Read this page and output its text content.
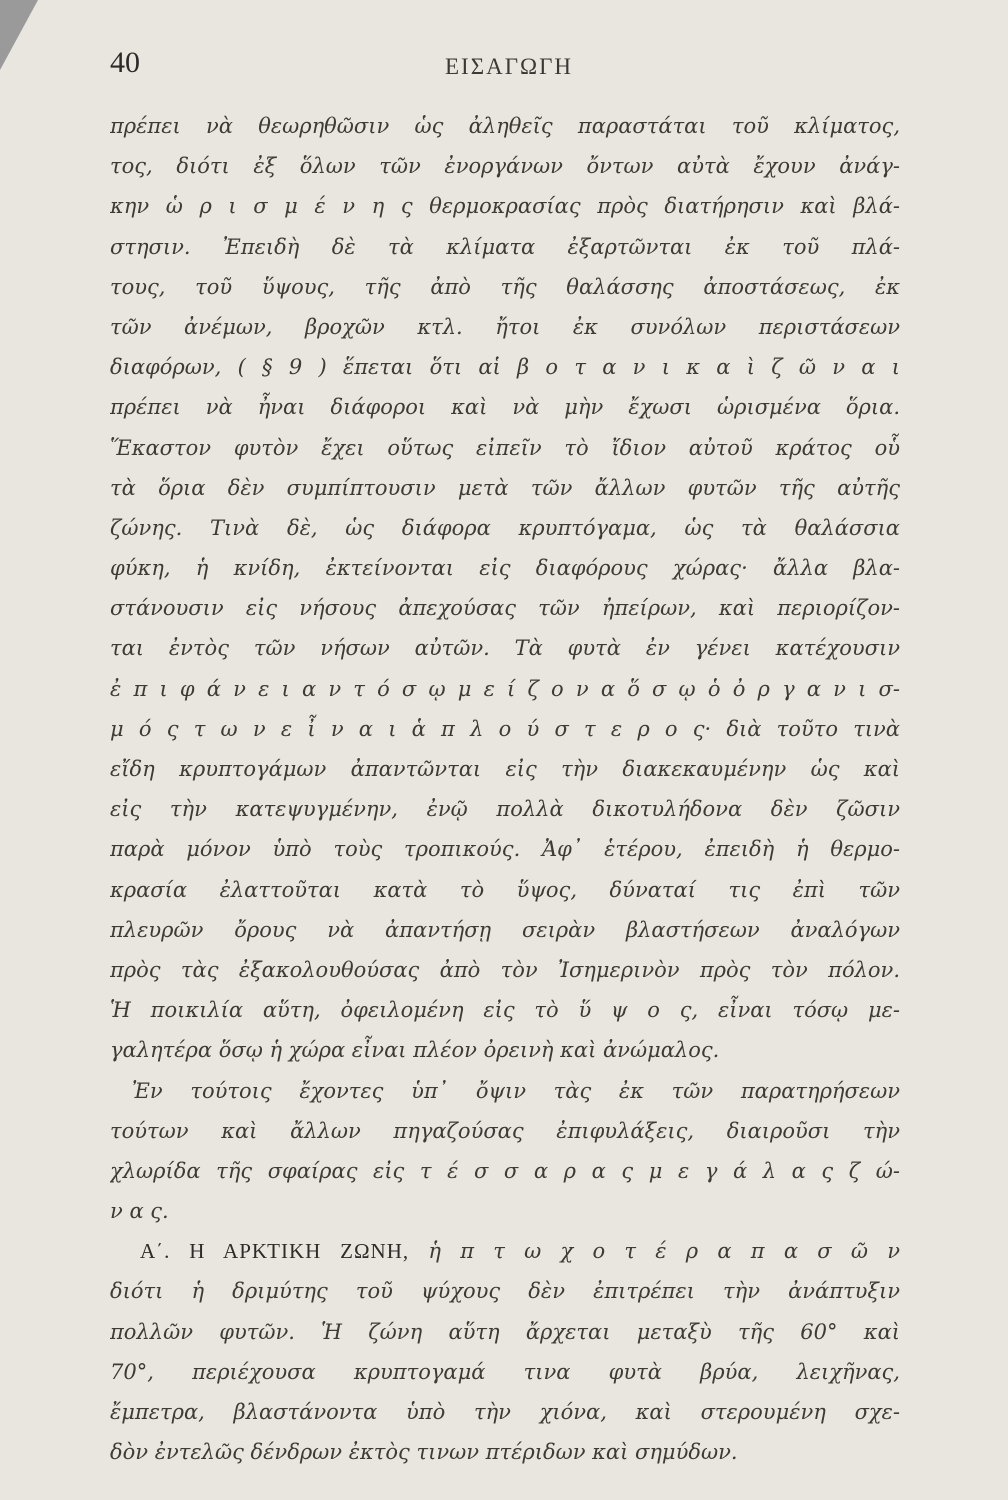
40	ΕΙΣΑΓΩΓΗ
πρέπει νὰ θεωρηθῶσιν ὡς ἀληθεῖς παραστάται τοῦ κλίματος,
τος, διότι ἐξ ὅλων τῶν ἐνοργάνων ὄντων αὐτὰ ἔχουν ἀνάγ-
κην ὡ ρ ι σ μ έ ν η ς θερμοκρασίας πρὸς διατήρησιν καὶ βλά-
στησιν. Ἐπειδὴ δὲ τὰ κλίματα ἐξαρτῶνται ἐκ τοῦ πλά-
τους, τοῦ ὕψους, τῆς ἀπὸ τῆς θαλάσσης ἀποστάσεως, ἐκ
τῶν ἀνέμων, βροχῶν κτλ. ἤτοι ἐκ συνόλων περιστάσεων
διαφόρων, ( § 9 ) ἕπεται ὅτι αἱ β ο τ α ν ι κ α ὶ ζ ῶ ν α ι
πρέπει νὰ ἦναι διάφοροι καὶ νὰ μὴν ἔχωσι ὡρισμένα ὅρια.
Ἕκαστον φυτὸν ἔχει οὕτως εἰπεῖν τὸ ἴδιον αὐτοῦ κράτος οὗ
τὰ ὅρια δὲν συμπίπτουσιν μετὰ τῶν ἄλλων φυτῶν τῆς αὐτῆς
ζώνης. Τινὰ δὲ, ὡς διάφορα κρυπτόγαμα, ὡς τὰ θαλάσσια
φύκη, ἡ κνίδη, ἐκτείνονται εἰς διαφόρους χώρας· ἄλλα βλα-
στάνουσιν εἰς νήσους ἀπεχούσας τῶν ἠπείρων, καὶ περιορίζον-
ται ἐντὸς τῶν νήσων αὐτῶν. Τὰ φυτὰ ἐν γένει κατέχουσιν
ἐ π ι φ ά ν ε ι α ν τ ό σ ῳ μ ε ί ζ ο ν α ὅ σ ῳ ὁ ὀ ρ γ α ν ι σ-
μ ό ς τ ω ν ε ἶ ν α ι ἁ π λ ο ύ σ τ ε ρ ο ς· διὰ τοῦτο τινὰ
εἴδη κρυπτογάμων ἀπαντῶνται εἰς τὴν διακεκαυμένην ὡς καὶ
εἰς τὴν κατεψυγμένην, ἐνῷ πολλὰ δικοτυλήδονα δὲν ζῶσιν
παρὰ μόνον ὑπὸ τοὺς τροπικούς. Ἀφ᾽ ἑτέρου, ἐπειδὴ ἡ θερμο-
κρασία ἐλαττοῦται κατὰ τὸ ὕψος, δύναταί τις ἐπὶ τῶν
πλευρῶν ὄρους νὰ ἀπαντήσῃ σειρὰν βλαστήσεων ἀναλόγων
πρὸς τὰς ἐξακολουθούσας ἀπὸ τὸν Ἰσημερινὸν πρὸς τὸν πόλον.
Ἡ ποικιλία αὕτη, ὀφειλομένη εἰς τὸ ὕ ψ ο ς, εἶναι τόσῳ με-
γαλητέρα ὅσῳ ἡ χώρα εἶναι πλέον ὀρεινὴ καὶ ἀνώμαλος.
Ἐν τούτοις ἔχοντες ὑπ᾽ ὄψιν τὰς ἐκ τῶν παρατηρήσεων
τούτων καὶ ἄλλων πηγαζούσας ἐπιφυλάξεις, διαιροῦσι τὴν
χλωρίδα τῆς σφαίρας εἰς τ έ σ σ α ρ α ς μ ε γ ά λ α ς ζ ώ-
ν α ς.
Α΄. Η ΑΡΚΤΙΚΗ ΖΩΝΗ, ἡ π τ ω χ ο τ έ ρ α π α σ ῶ ν
διότι ἡ δριμύτης τοῦ ψύχους δὲν ἐπιτρέπει τὴν ἀνάπτυξιν
πολλῶν φυτῶν. Ἡ ζώνη αὕτη ἄρχεται μεταξὺ τῆς 60° καὶ
70°, περιέχουσα κρυπτογαμά τινα φυτὰ βρύα, λειχῆνας,
ἔμπετρα, βλαστάνοντα ὑπὸ τὴν χιόνα, καὶ στερουμένη σχε-
δὸν ἐντελῶς δένδρων ἐκτὸς τινων πτέριδων καὶ σημύδων.
